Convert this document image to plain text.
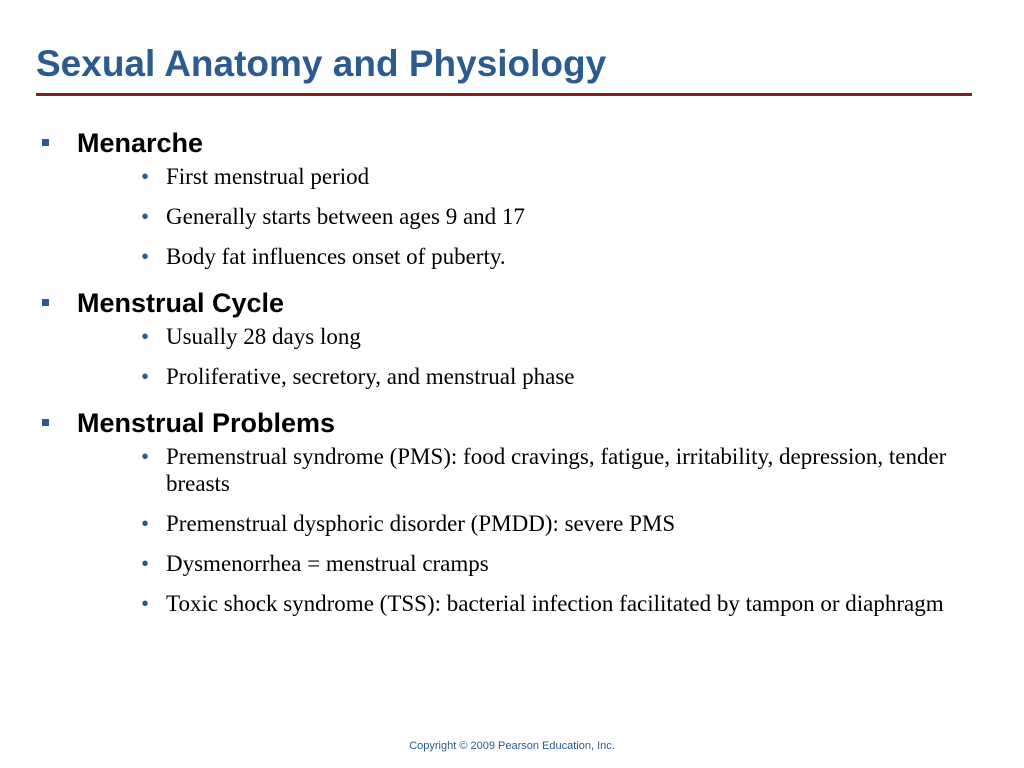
Sexual Anatomy and Physiology
Menarche
• First menstrual period
• Generally starts between ages 9 and 17
• Body fat influences onset of puberty.
Menstrual Cycle
• Usually 28 days long
• Proliferative, secretory, and menstrual phase
Menstrual Problems
• Premenstrual syndrome (PMS): food cravings, fatigue, irritability, depression, tender breasts
• Premenstrual dysphoric disorder (PMDD): severe PMS
• Dysmenorrhea = menstrual cramps
• Toxic shock syndrome (TSS): bacterial infection facilitated by tampon or diaphragm
Copyright © 2009 Pearson Education, Inc.
